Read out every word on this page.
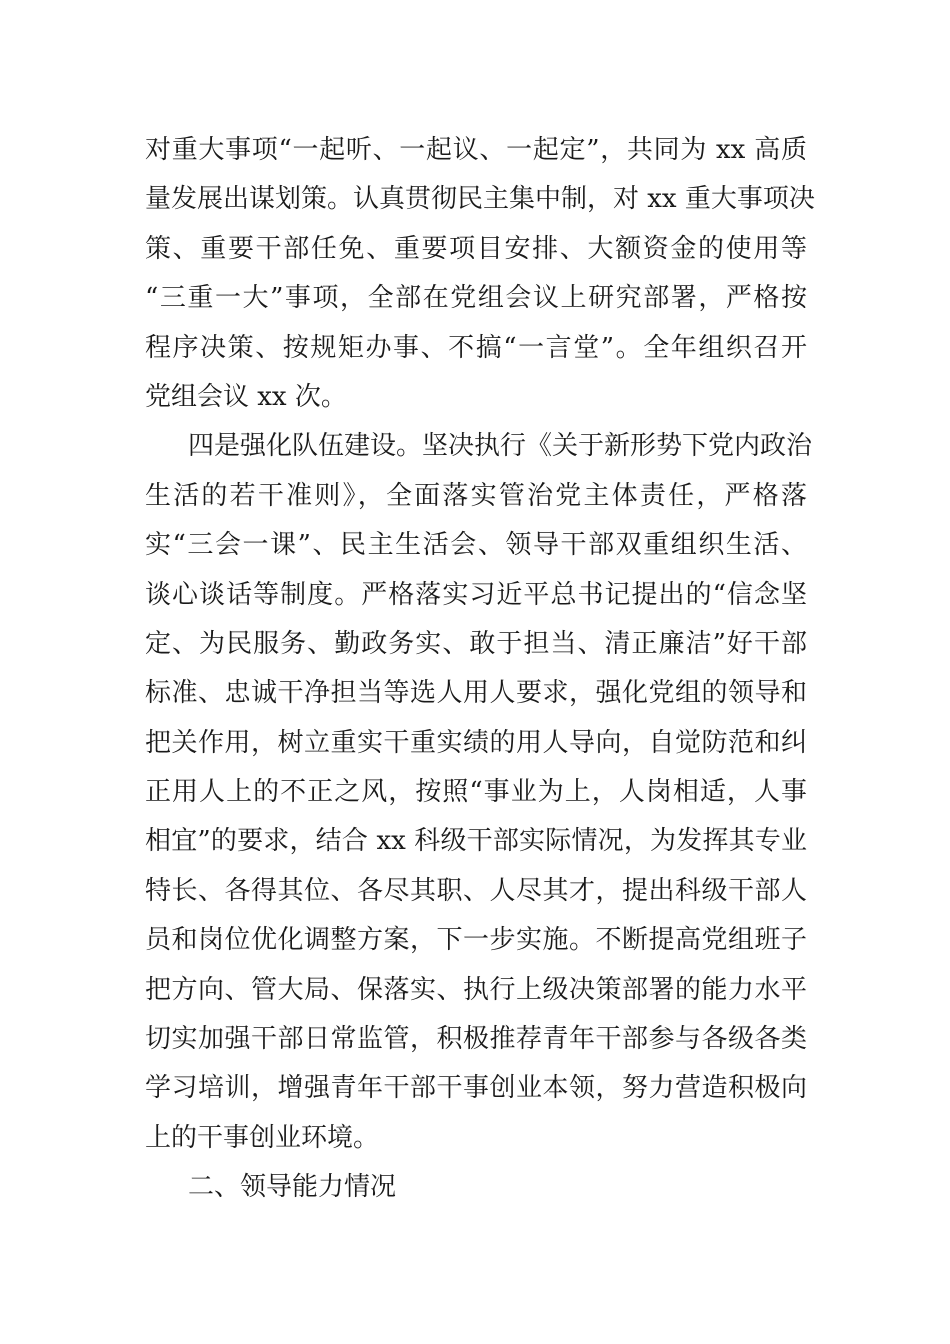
对重大事项“一起听、一起议、一起定”，共同为 xx 高质
量发展出谋划策。认真贯彻民主集中制，对 xx 重大事项决
策、重要干部任免、重要项目安排、大额资金的使用等
“三重一大”事项，全部在党组会议上研究部署，严格按
程序决策、按规矩办事、不搞“一言堂”。全年组织召开
党组会议 xx 次。
四是强化队伍建设。坚决执行《关于新形势下党内政治
生活的若干准则》，全面落实管治党主体责任，严格落
实“三会一课”、民主生活会、领导干部双重组织生活、
谈心谈话等制度。严格落实习近平总书记提出的“信念坚
定、为民服务、勤政务实、敢于担当、清正廉洁”好干部
标准、忠诚干净担当等选人用人要求，强化党组的领导和
把关作用，树立重实干重实绩的用人导向，自觉防范和纠
正用人上的不正之风，按照“事业为上，人岗相适，人事
相宜”的要求，结合 xx 科级干部实际情况，为发挥其专业
特长、各得其位、各尽其职、人尽其才，提出科级干部人
员和岗位优化调整方案，下一步实施。不断提高党组班子
把方向、管大局、保落实、执行上级决策部署的能力水平
切实加强干部日常监管，积极推荐青年干部参与各级各类
学习培训，增强青年干部干事创业本领，努力营造积极向
上的干事创业环境。
二、领导能力情况
